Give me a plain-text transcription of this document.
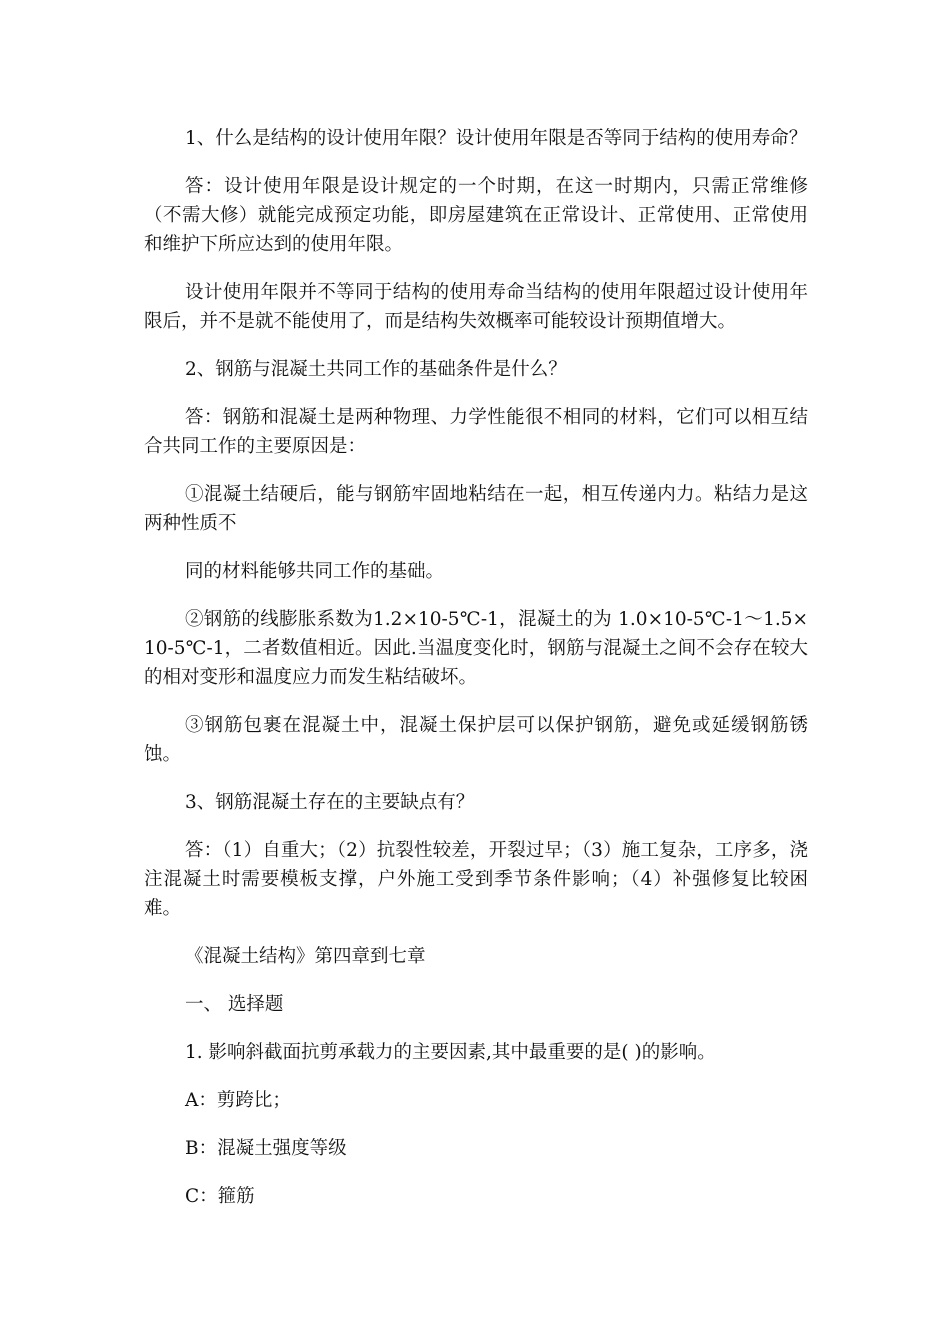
1、什么是结构的设计使用年限？设计使用年限是否等同于结构的使用寿命？

答：设计使用年限是设计规定的一个时期，在这一时期内，只需正常维修（不需大修）就能完成预定功能，即房屋建筑在正常设计、正常使用、正常使用和维护下所应达到的使用年限。

设计使用年限并不等同于结构的使用寿命当结构的使用年限超过设计使用年限后，并不是就不能使用了，而是结构失效概率可能较设计预期值增大。

2、钢筋与混凝土共同工作的基础条件是什么？

答：钢筋和混凝土是两种物理、力学性能很不相同的材料，它们可以相互结合共同工作的主要原因是：

①混凝土结硬后，能与钢筋牢固地粘结在一起，相互传递内力。粘结力是这两种性质不

同的材料能够共同工作的基础。

②钢筋的线膨胀系数为1.2×10-5℃-1，混凝土的为 1.0×10-5℃-1～1.5×10-5℃-1，二者数值相近。因此.当温度变化时，钢筋与混凝土之间不会存在较大的相对变形和温度应力而发生粘结破坏。

③钢筋包裹在混凝土中，混凝土保护层可以保护钢筋，避免或延缓钢筋锈蚀。

3、钢筋混凝土存在的主要缺点有？

答：（1）自重大；（2）抗裂性较差，开裂过早；（3）施工复杂，工序多，浇注混凝土时需要模板支撑，户外施工受到季节条件影响；（4）补强修复比较困难。

《混凝土结构》第四章到七章

一、 选择题

1. 影响斜截面抗剪承载力的主要因素,其中最重要的是( )的影响。

A：剪跨比；

B：混凝土强度等级

C：箍筋
